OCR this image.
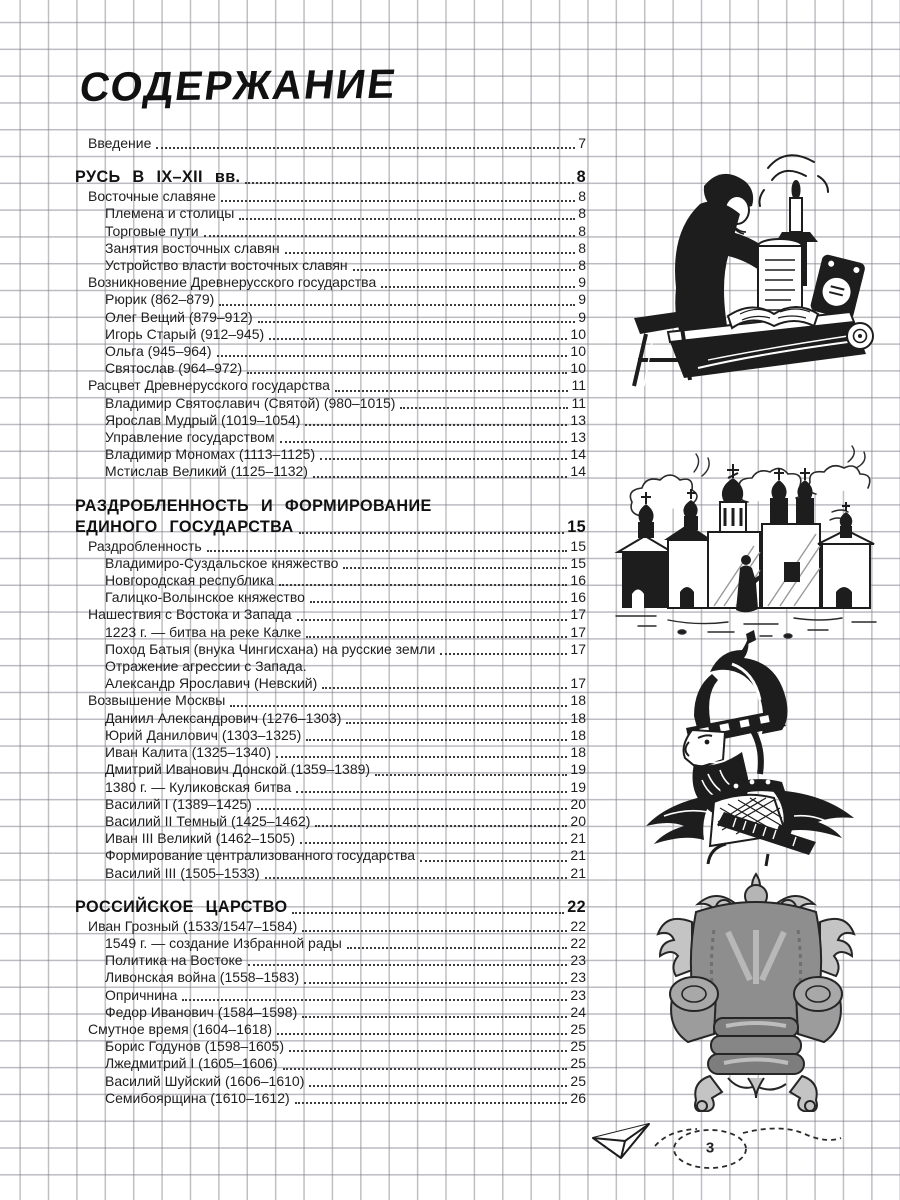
СОДЕРЖАНИЕ
Введение	7
РУСЬ В IX–XII вв.	8
Восточные славяне	8
Племена и столицы	8
Торговые пути	8
Занятия восточных славян	8
Устройство власти восточных славян	8
Возникновение Древнерусского государства	9
Рюрик (862–879)	9
Олег Вещий (879–912)	9
Игорь Старый (912–945)	10
Ольга (945–964)	10
Святослав (964–972)	10
Расцвет Древнерусского государства	11
Владимир Святославич (Святой) (980–1015)	11
Ярослав Мудрый (1019–1054)	13
Управление государством	13
Владимир Мономах (1113–1125)	14
Мстислав Великий (1125–1132)	14
РАЗДРОБЛЕННОСТЬ И ФОРМИРОВАНИЕ
ЕДИНОГО ГОСУДАРСТВА	15
Раздробленность	15
Владимиро-Суздальское княжество	15
Новгородская республика	16
Галицко-Волынское княжество	16
Нашествия с Востока и Запада	17
1223 г. — битва на реке Калке	17
Поход Батыя (внука Чингисхана) на русские земли	17
Отражение агрессии с Запада.
Александр Ярославич (Невский)	17
Возвышение Москвы	18
Даниил Александрович (1276–1303)	18
Юрий Данилович (1303–1325)	18
Иван Калита (1325–1340)	18
Дмитрий Иванович Донской (1359–1389)	19
1380 г. — Куликовская битва	19
Василий I (1389–1425)	20
Василий II Темный (1425–1462)	20
Иван III Великий (1462–1505)	21
Формирование централизованного государства	21
Василий III (1505–1533)	21
РОССИЙСКОЕ ЦАРСТВО	22
Иван Грозный (1533/1547–1584)	22
1549 г. — создание Избранной рады	22
Политика на Востоке	23
Ливонская война (1558–1583)	23
Опричнина	23
Федор Иванович (1584–1598)	24
Смутное время (1604–1618)	25
Борис Годунов (1598–1605)	25
Лжедмитрий I (1605–1606)	25
Василий Шуйский (1606–1610)	25
Семибоярщина (1610–1612)	26
3
